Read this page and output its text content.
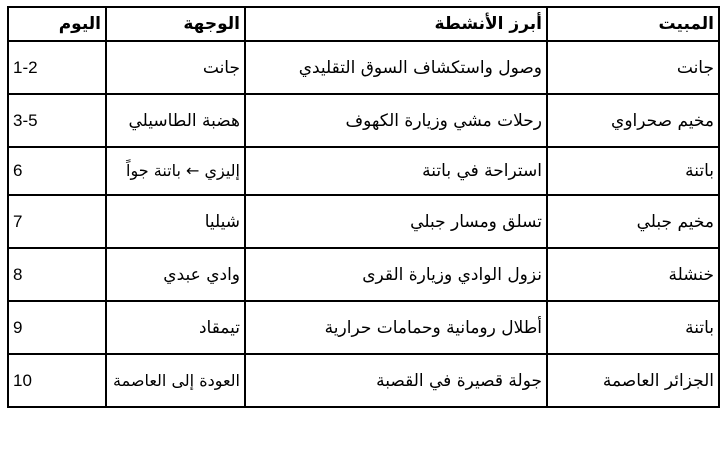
اليوم	الوجهة	أبرز الأنشطة	المبيت
1-2	جانت	وصول واستكشاف السوق التقليدي	جانت
3-5	هضبة الطاسيلي	رحلات مشي وزيارة الكهوف	مخيم صحراوي
6	إليزي ← باتنة جواً	استراحة في باتنة	باتنة
7	شيليا	تسلق ومسار جبلي	مخيم جبلي
8	وادي عبدي	نزول الوادي وزيارة القرى	خنشلة
9	تيمقاد	أطلال رومانية وحمامات حرارية	باتنة
10	العودة إلى العاصمة	جولة قصيرة في القصبة	الجزائر العاصمة
